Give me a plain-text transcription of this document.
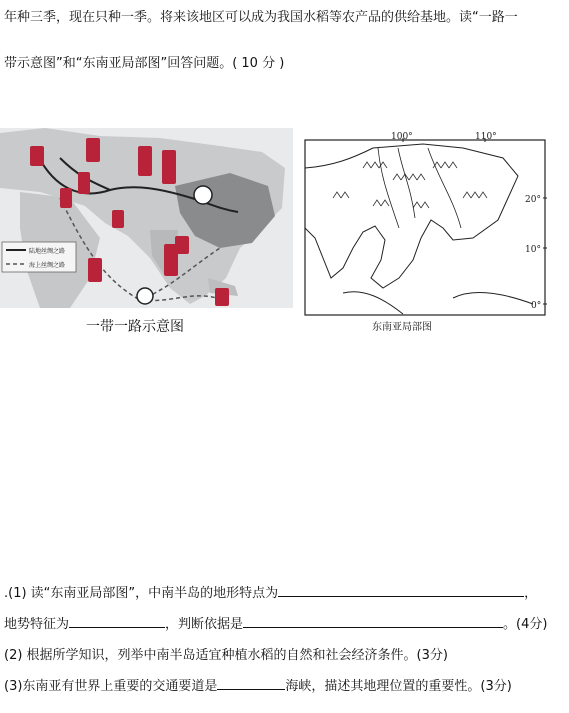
年种三季，现在只种一季。将来该地区可以成为我国水稻等农产品的供给基地。读“一路一
带示意图”和“东南亚局部图”回答问题。( 10 分 )
陆地丝绸之路
海上丝绸之路
一带一路示意图
100°	110°
20°
10°
0°
东南亚局部图
.(1) 读“东南亚局部图”，中南半岛的地形特点为	，
地势特征为	，判断依据是	。(4分)
(2) 根据所学知识，列举中南半岛适宜种植水稻的自然和社会经济条件。(3分)
(3)东南亚有世界上重要的交通要道是	海峡，描述其地理位置的重要性。(3分)
